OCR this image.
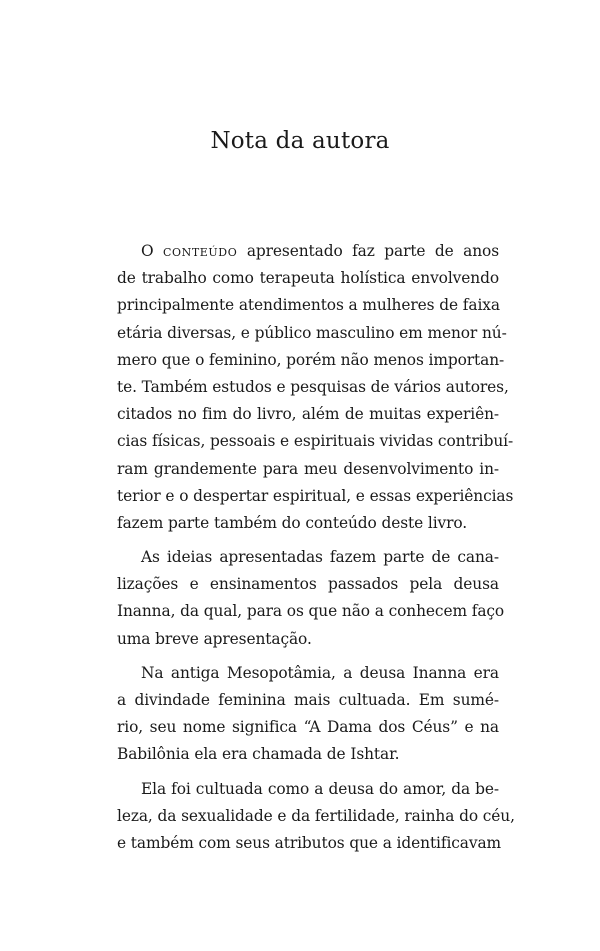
Nota da autora
O conteúdo apresentado faz parte de anos
de trabalho como terapeuta holística envolvendo
principalmente atendimentos a mulheres de faixa
etária diversas, e público masculino em menor nú-
mero que o feminino, porém não menos importan-
te. Também estudos e pesquisas de vários autores,
citados no fim do livro, além de muitas experiên-
cias físicas, pessoais e espirituais vividas contribuí-
ram grandemente para meu desenvolvimento in-
terior e o despertar espiritual, e essas experiências
fazem parte também do conteúdo deste livro.
As ideias apresentadas fazem parte de cana-
lizações e ensinamentos passados pela deusa
Inanna, da qual, para os que não a conhecem faço
uma breve apresentação.
Na antiga Mesopotâmia, a deusa Inanna era
a divindade feminina mais cultuada. Em sumé-
rio, seu nome significa “A Dama dos Céus” e na
Babilônia ela era chamada de Ishtar.
Ela foi cultuada como a deusa do amor, da be-
leza, da sexualidade e da fertilidade, rainha do céu,
e também com seus atributos que a identificavam
